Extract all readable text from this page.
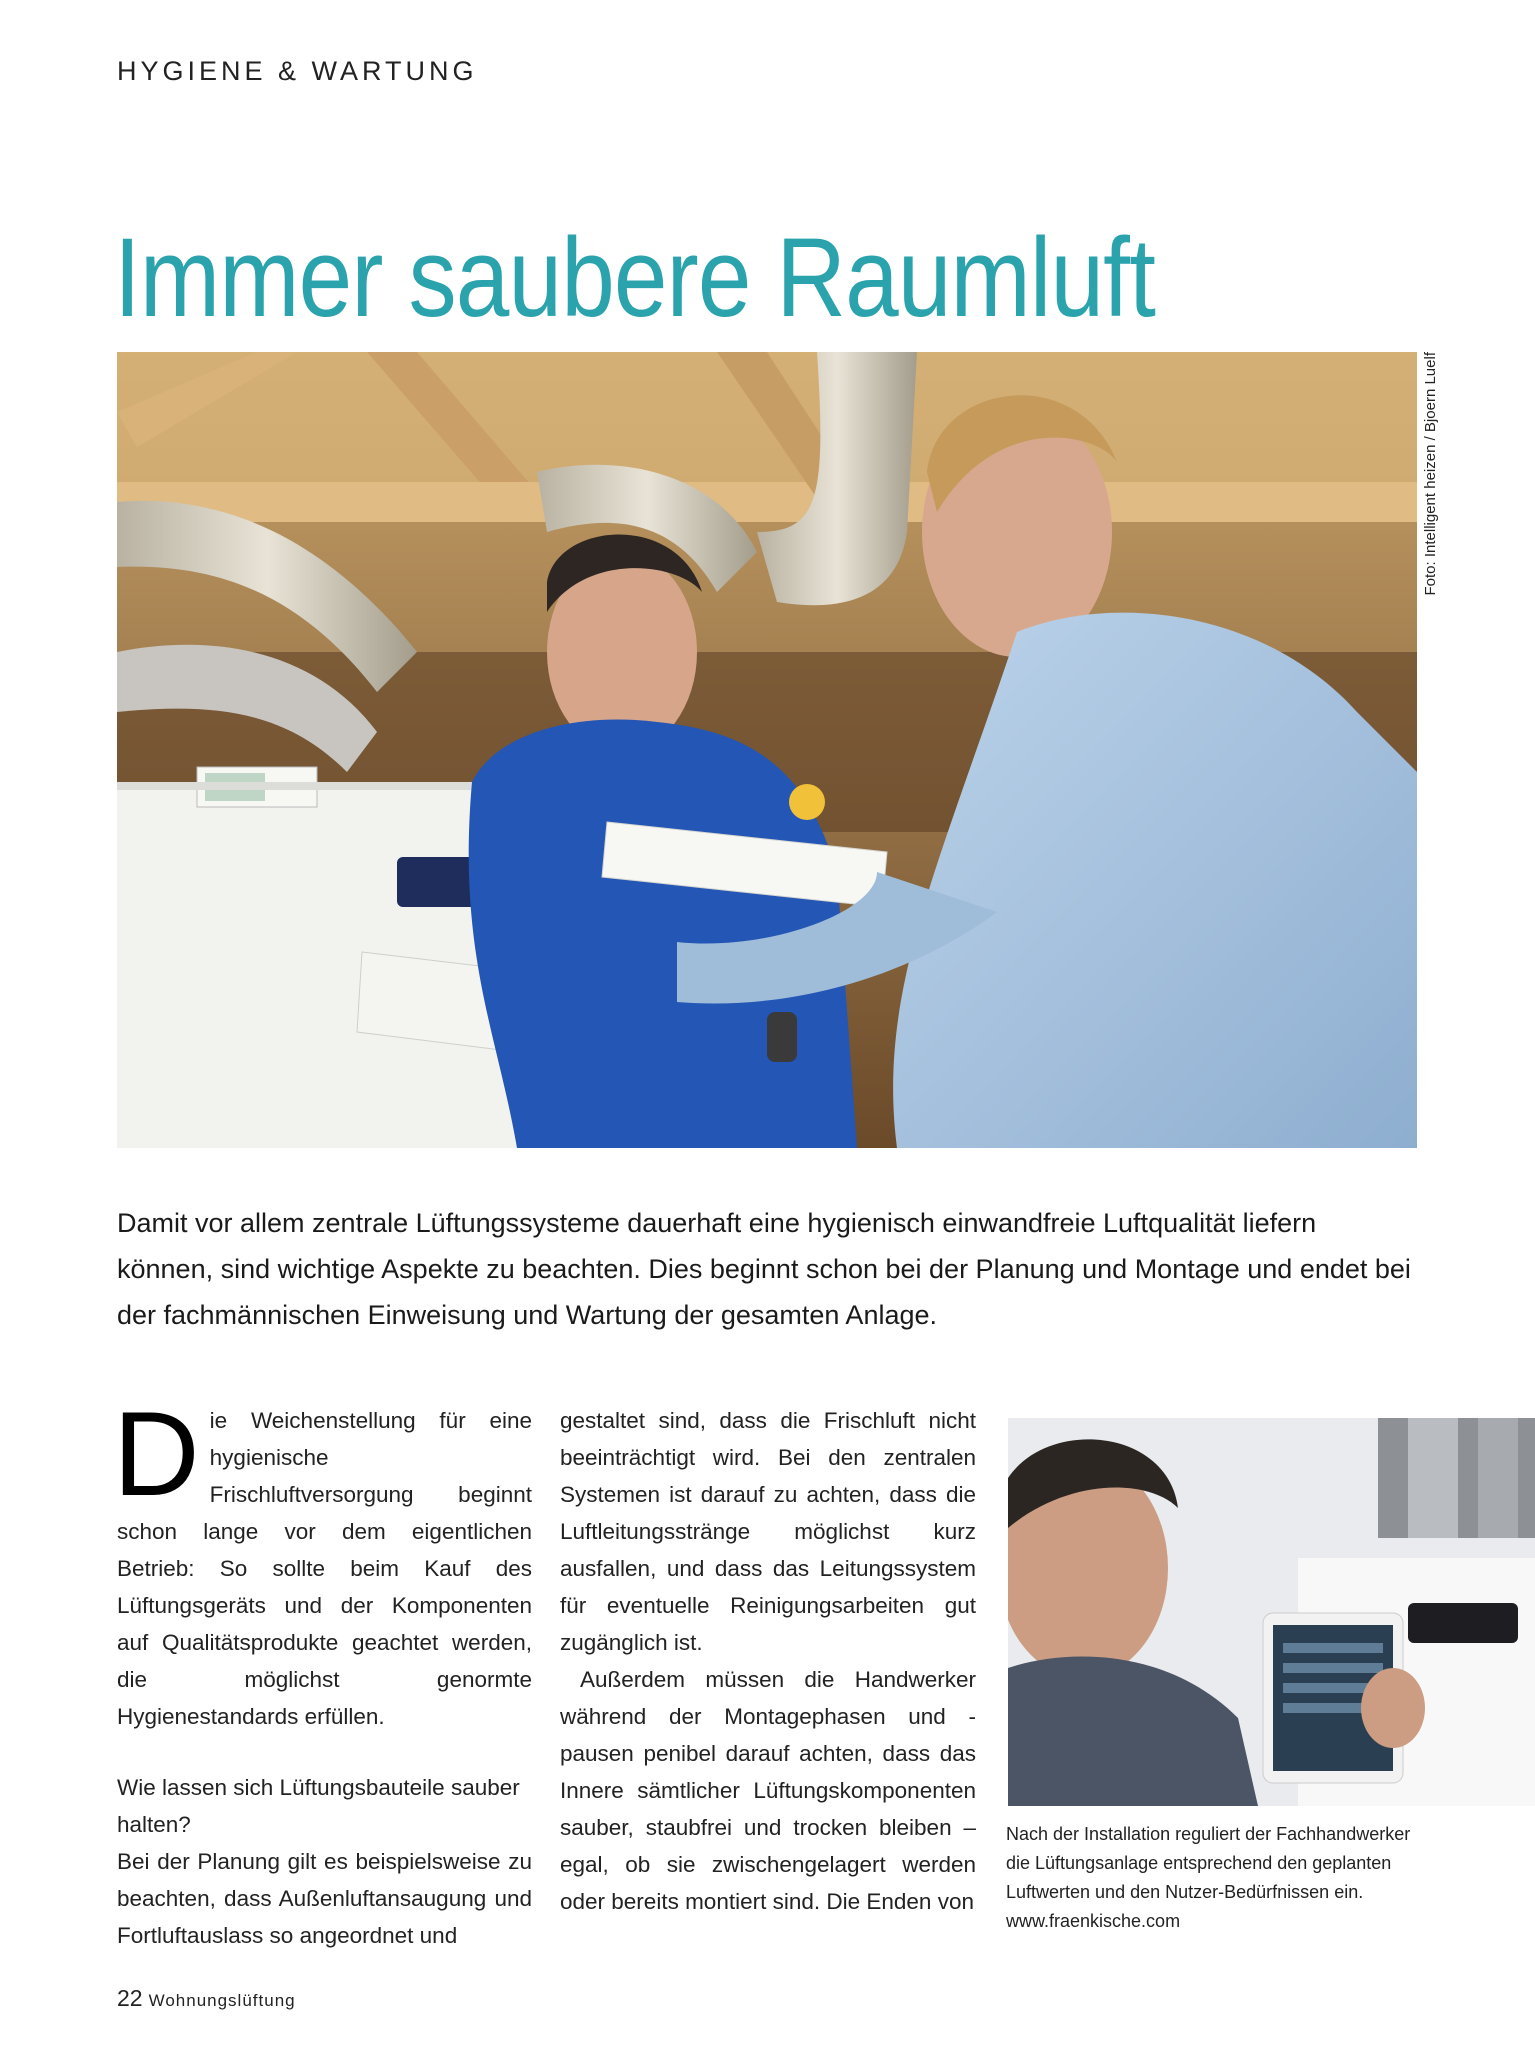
HYGIENE & WARTUNG
Immer saubere Raumluft
Foto: Intelligent heizen / Bjoern Luelf
Damit vor allem zentrale Lüftungssysteme dauerhaft eine hygienisch einwandfreie Luftqualität liefern können, sind wichtige Aspekte zu beachten. Dies beginnt schon bei der Planung und Montage und endet bei der fachmännischen Einweisung und Wartung der gesamten Anlage.

Die Weichenstellung für eine hygienische Frischluftversorgung beginnt schon lange vor dem eigentlichen Betrieb: So sollte beim Kauf des Lüftungsgeräts und der Komponenten auf Qualitätsprodukte geachtet werden, die möglichst genormte Hygienestandards erfüllen.

Wie lassen sich Lüftungsbauteile sauber halten?

Bei der Planung gilt es beispielsweise zu beachten, dass Außenluftansaugung und Fortluftauslass so angeordnet und

gestaltet sind, dass die Frischluft nicht beeinträchtigt wird. Bei den zentralen Systemen ist darauf zu achten, dass die Luftleitungsstränge möglichst kurz ausfallen, und dass das Leitungssystem für eventuelle Reinigungsarbeiten gut zugänglich ist.

Außerdem müssen die Handwerker während der Montagephasen und -pausen penibel darauf achten, dass das Innere sämtlicher Lüftungskomponenten sauber, staubfrei und trocken bleiben – egal, ob sie zwischengelagert werden oder bereits montiert sind. Die Enden von

Nach der Installation reguliert der Fachhandwerker die Lüftungsanlage entsprechend den geplanten Luftwerten und den Nutzer-Bedürfnissen ein. www.fraenkische.com
22 Wohnungslüftung
